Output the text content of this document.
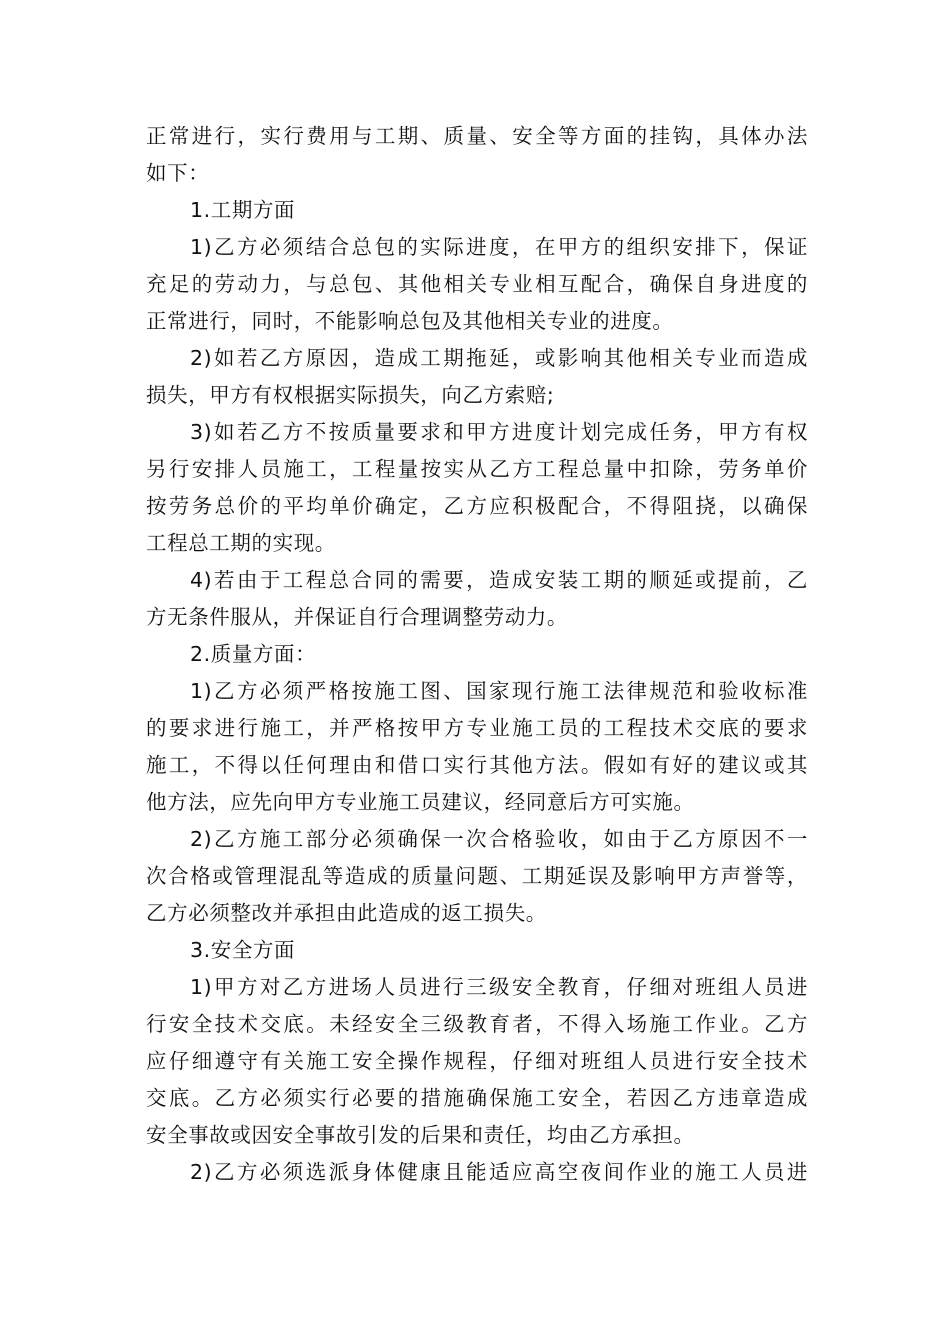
正常进行，实行费用与工期、质量、安全等方面的挂钩，具体办法
如下：
1.工期方面
1)乙方必须结合总包的实际进度，在甲方的组织安排下，保证
充足的劳动力，与总包、其他相关专业相互配合，确保自身进度的
正常进行，同时，不能影响总包及其他相关专业的进度。
2)如若乙方原因，造成工期拖延，或影响其他相关专业而造成
损失，甲方有权根据实际损失，向乙方索赔;
3)如若乙方不按质量要求和甲方进度计划完成任务，甲方有权
另行安排人员施工，工程量按实从乙方工程总量中扣除，劳务单价
按劳务总价的平均单价确定，乙方应积极配合，不得阻挠，以确保
工程总工期的实现。
4)若由于工程总合同的需要，造成安装工期的顺延或提前，乙
方无条件服从，并保证自行合理调整劳动力。
2.质量方面：
1)乙方必须严格按施工图、国家现行施工法律规范和验收标准
的要求进行施工，并严格按甲方专业施工员的工程技术交底的要求
施工，不得以任何理由和借口实行其他方法。假如有好的建议或其
他方法，应先向甲方专业施工员建议，经同意后方可实施。
2)乙方施工部分必须确保一次合格验收，如由于乙方原因不一
次合格或管理混乱等造成的质量问题、工期延误及影响甲方声誉等，
乙方必须整改并承担由此造成的返工损失。
3.安全方面
1)甲方对乙方进场人员进行三级安全教育，仔细对班组人员进
行安全技术交底。未经安全三级教育者，不得入场施工作业。乙方
应仔细遵守有关施工安全操作规程，仔细对班组人员进行安全技术
交底。乙方必须实行必要的措施确保施工安全，若因乙方违章造成
安全事故或因安全事故引发的后果和责任，均由乙方承担。
2)乙方必须选派身体健康且能适应高空夜间作业的施工人员进
